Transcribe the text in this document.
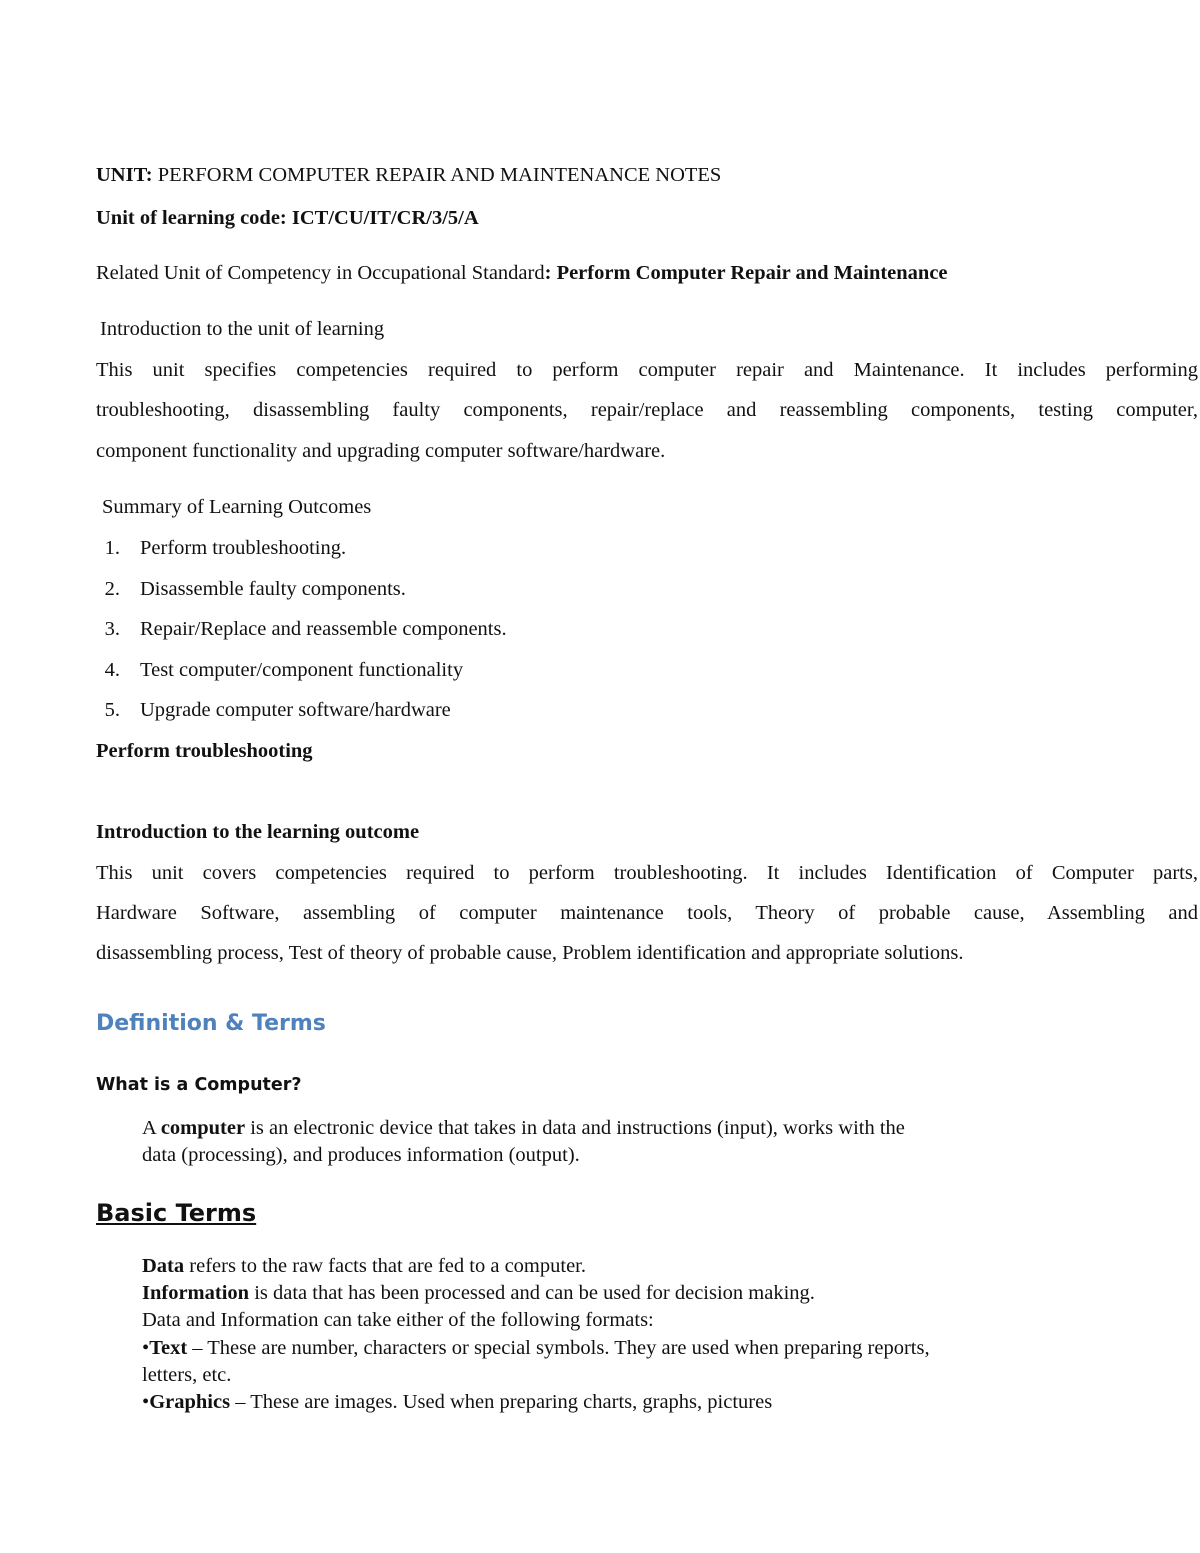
UNIT: PERFORM COMPUTER REPAIR AND MAINTENANCE NOTES
Unit of learning code: ICT/CU/IT/CR/3/5/A
Related Unit of Competency in Occupational Standard: Perform Computer Repair and Maintenance
Introduction to the unit of learning
This unit specifies competencies required to perform computer repair and Maintenance. It includes performing
troubleshooting, disassembling faulty components, repair/replace and reassembling components, testing computer,
component functionality and upgrading computer software/hardware.
Summary of Learning Outcomes
1. Perform troubleshooting.
2. Disassemble faulty components.
3. Repair/Replace and reassemble components.
4. Test computer/component functionality
5. Upgrade computer software/hardware
Perform troubleshooting
Introduction to the learning outcome
This unit covers competencies required to perform troubleshooting. It includes Identification of Computer parts,
Hardware Software, assembling of computer maintenance tools, Theory of probable cause, Assembling and
disassembling process, Test of theory of probable cause, Problem identification and appropriate solutions.
Definition & Terms
What is a Computer?
A computer is an electronic device that takes in data and instructions (input), works with the
data (processing), and produces information (output).
Basic Terms
Data refers to the raw facts that are fed to a computer.
Information is data that has been processed and can be used for decision making.
Data and Information can take either of the following formats:
•Text – These are number, characters or special symbols. They are used when preparing reports,
letters, etc.
•Graphics – These are images. Used when preparing charts, graphs, pictures
